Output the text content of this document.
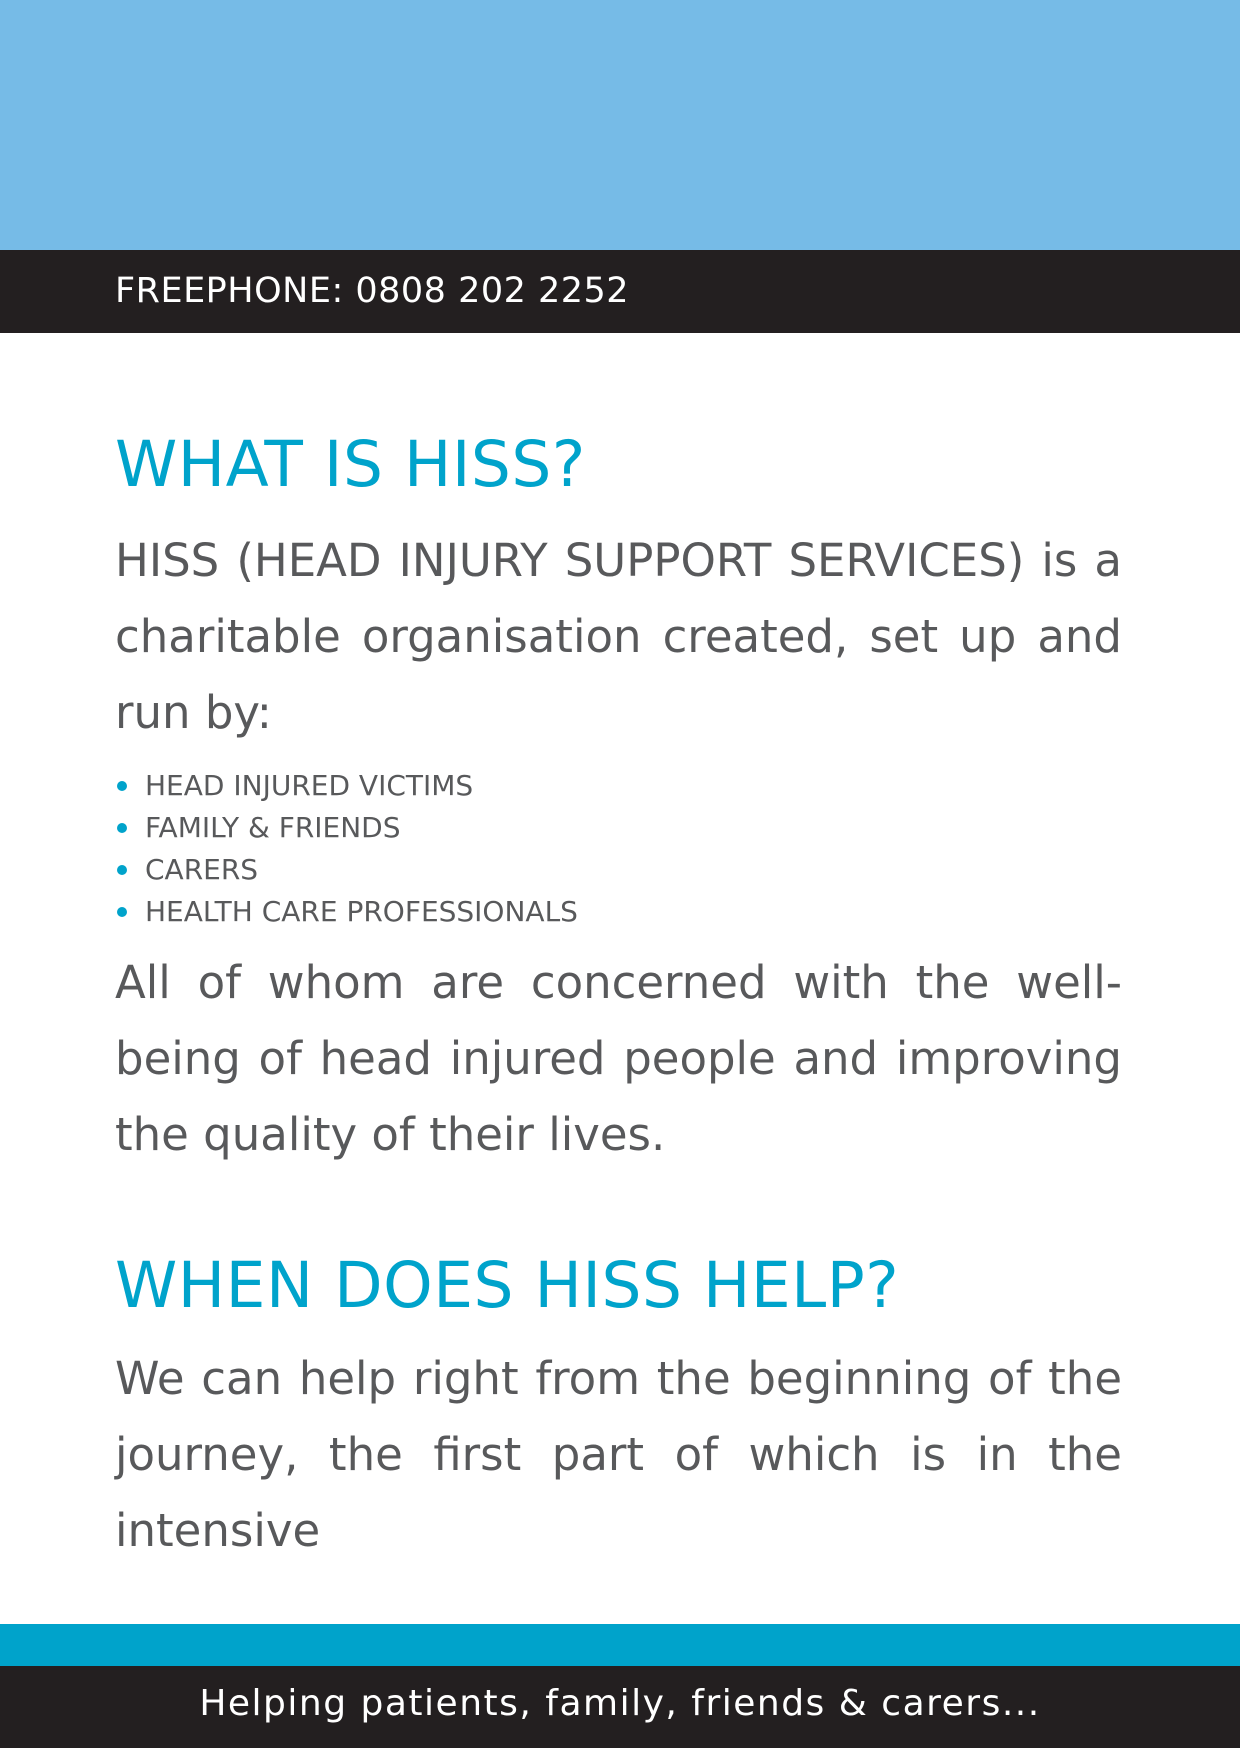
FREEPHONE: 0808 202 2252
WHAT IS HISS?

HISS (HEAD INJURY SUPPORT SERVICES) is a charitable organisation created, set up and run by:

HEAD INJURED VICTIMS
FAMILY & FRIENDS
CARERS
HEALTH CARE PROFESSIONALS

All of whom are concerned with the well-being of head injured people and improving the quality of their lives.

WHEN DOES HISS HELP?

We can help right from the beginning of the journey, the first part of which is in the intensive

Helping patients, family, friends & carers...
